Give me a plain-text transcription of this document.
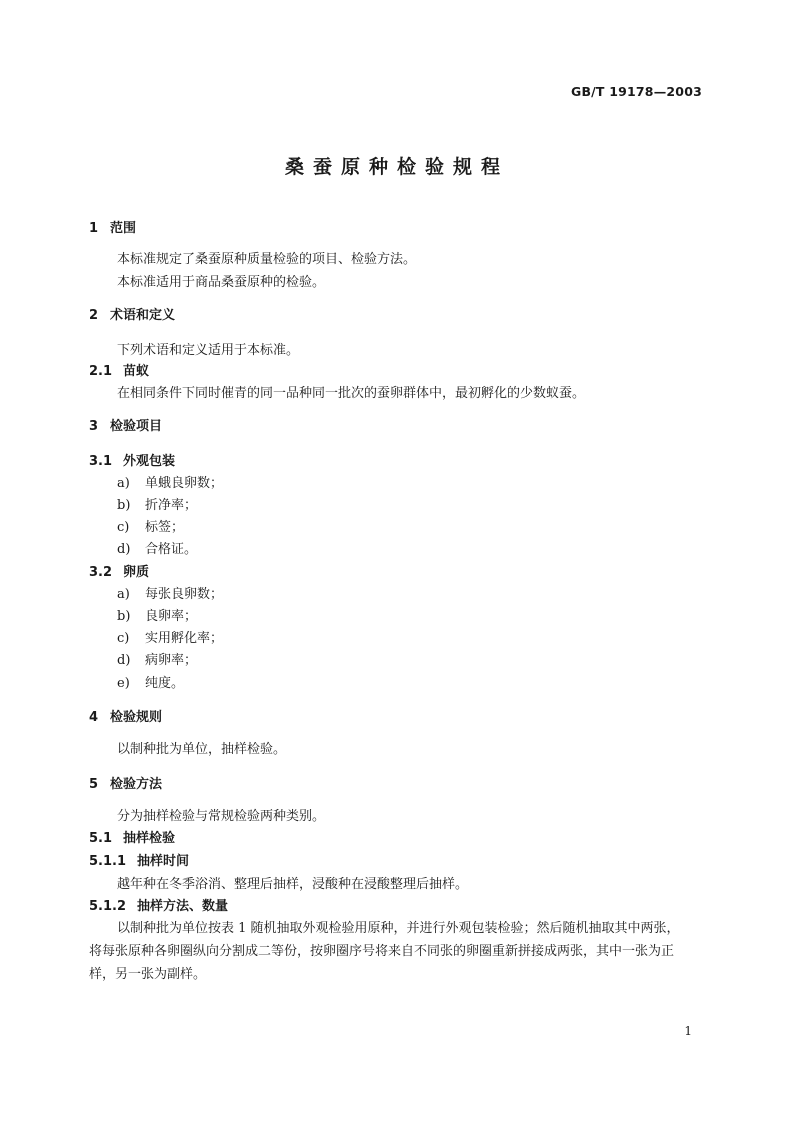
GB/T 19178—2003
桑蚕原种检验规程
1 范围
本标准规定了桑蚕原种质量检验的项目、检验方法。
本标准适用于商品桑蚕原种的检验。
2 术语和定义
下列术语和定义适用于本标准。
2.1 苗蚁
在相同条件下同时催青的同一品种同一批次的蚕卵群体中，最初孵化的少数蚁蚕。
3 检验项目
3.1 外观包装
a) 单蛾良卵数；
b) 折净率；
c) 标签；
d) 合格证。
3.2 卵质
a) 每张良卵数；
b) 良卵率；
c) 实用孵化率；
d) 病卵率；
e) 纯度。
4 检验规则
以制种批为单位，抽样检验。
5 检验方法
分为抽样检验与常规检验两种类别。
5.1 抽样检验
5.1.1 抽样时间
越年种在冬季浴消、整理后抽样，浸酸种在浸酸整理后抽样。
5.1.2 抽样方法、数量
以制种批为单位按表 1 随机抽取外观检验用原种，并进行外观包装检验；然后随机抽取其中两张，
将每张原种各卵圈纵向分割成二等份，按卵圈序号将来自不同张的卵圈重新拼接成两张，其中一张为正
样，另一张为副样。
1
